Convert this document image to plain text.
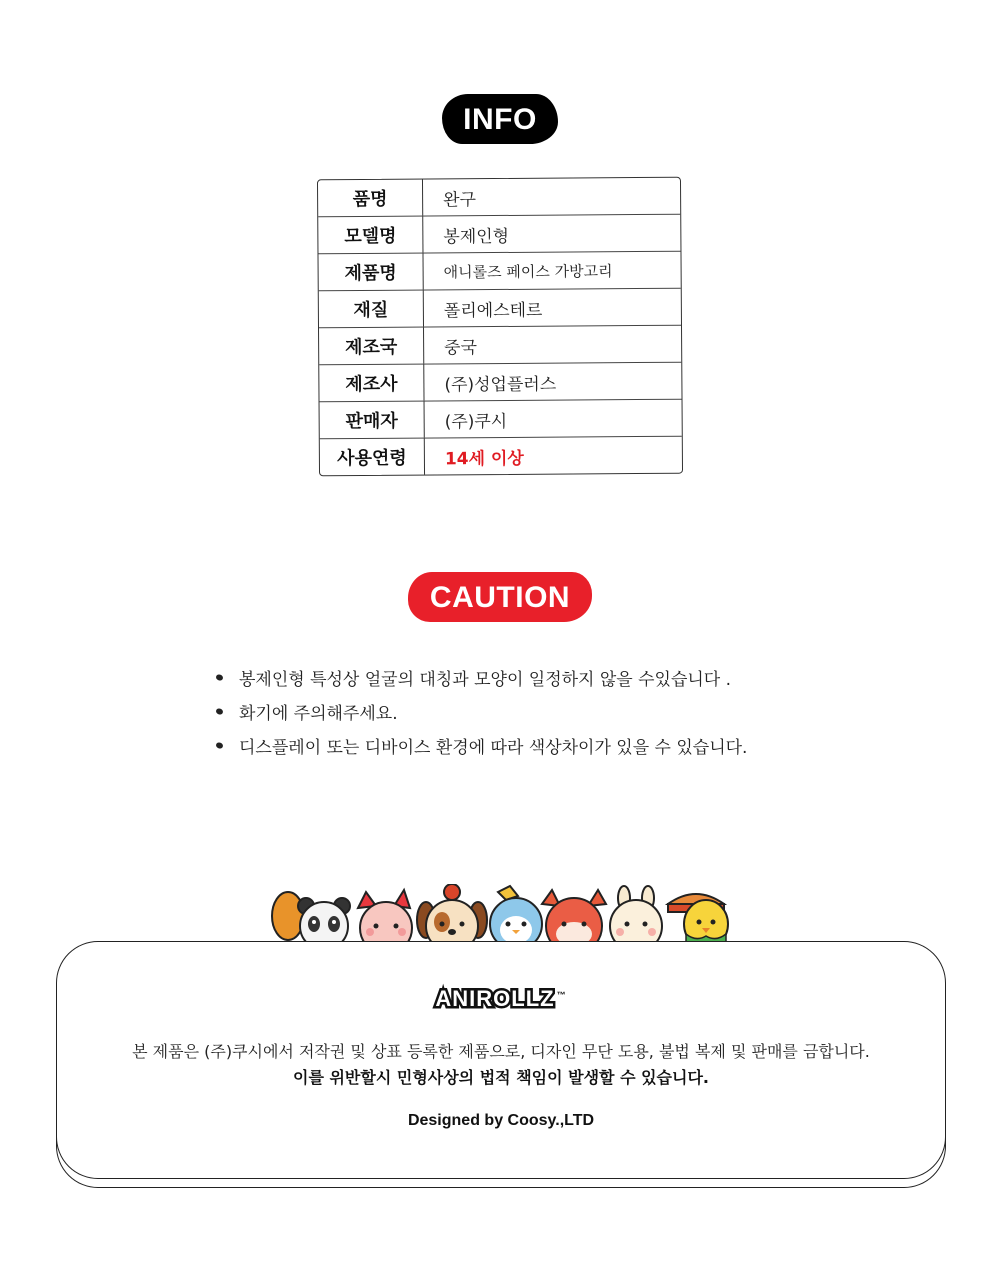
INFO
품명	완구
모델명	봉제인형
제품명	애니롤즈 페이스 가방고리
재질	폴리에스테르
제조국	중국
제조사	(주)성업플러스
판매자	(주)쿠시
사용연령	14세 이상
CAUTION
봉제인형 특성상 얼굴의 대칭과 모양이 일정하지 않을 수있습니다 .
화기에 주의해주세요.
디스플레이 또는 디바이스 환경에 따라 색상차이가 있을 수 있습니다.
ANIROLLZ ™
본 제품은 (주)쿠시에서 저작권 및 상표 등록한 제품으로, 디자인 무단 도용, 불법 복제 및 판매를 금합니다.
이를 위반할시 민형사상의 법적 책임이 발생할 수 있습니다.
Designed by Coosy.,LTD
